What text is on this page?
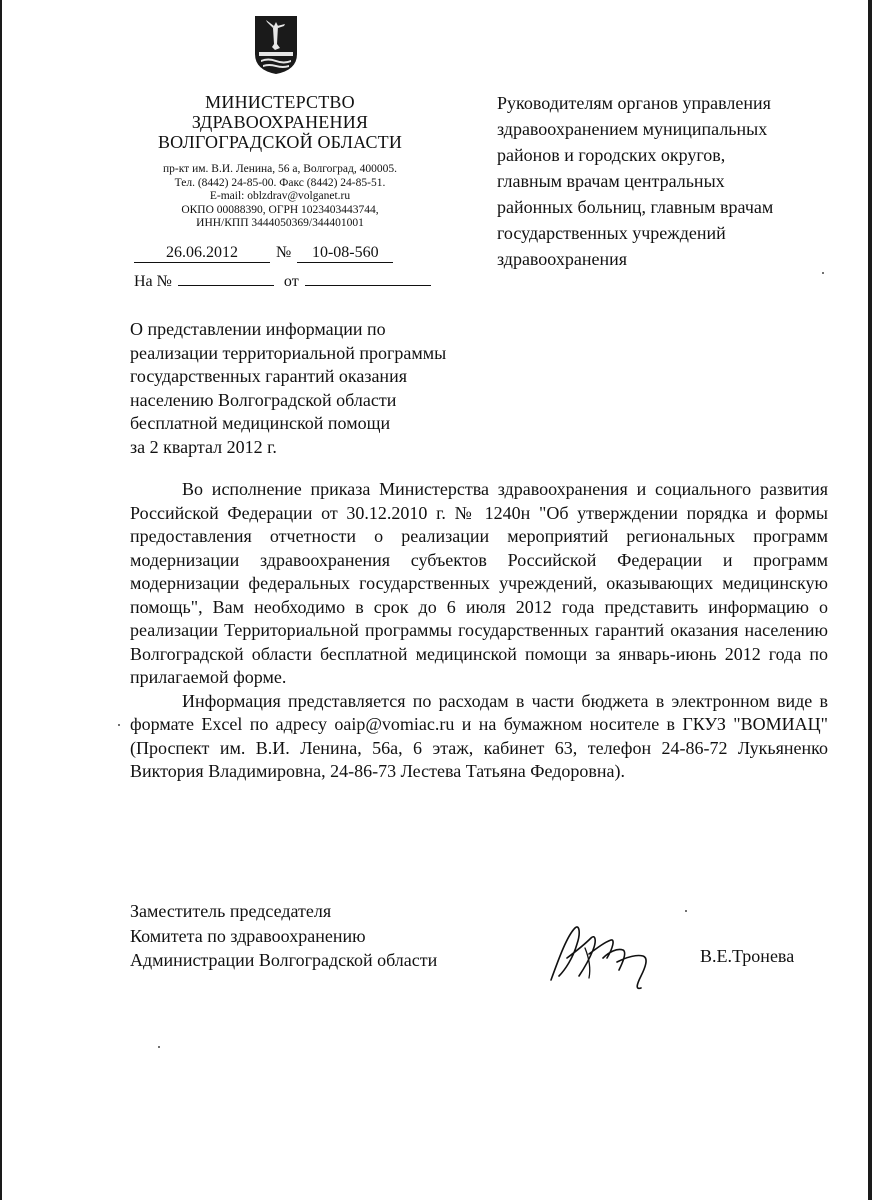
МИНИСТЕРСТВО
ЗДРАВООХРАНЕНИЯ
ВОЛГОГРАДСКОЙ ОБЛАСТИ
пр-кт им. В.И. Ленина, 56 а, Волгоград, 400005.
Тел. (8442) 24-85-00. Факс (8442) 24-85-51.
E-mail: oblzdrav@volganet.ru
ОКПО 00088390, ОГРН 1023403443744,
ИНН/КПП 3444050369/344401001
26.06.2012 № 10-08-560
На №	от
Руководителям органов управления
здравоохранением муниципальных
районов и городских округов,
главным врачам центральных
районных больниц, главным врачам
государственных учреждений
здравоохранения
О представлении информации по
реализации территориальной программы
государственных гарантий оказания
населению Волгоградской области
бесплатной медицинской помощи
за 2 квартал 2012 г.

Во исполнение приказа Министерства здравоохранения и социального развития Российской Федерации от 30.12.2010 г. № 1240н "Об утверждении порядка и формы предоставления отчетности о реализации мероприятий региональных программ модернизации здравоохранения субъектов Российской Федерации и программ модернизации федеральных государственных учреждений, оказывающих медицинскую помощь", Вам необходимо в срок до 6 июля 2012 года представить информацию о реализации Территориальной программы государственных гарантий оказания населению Волгоградской области бесплатной медицинской помощи за январь-июнь 2012 года по прилагаемой форме.

Информация представляется по расходам в части бюджета в электронном виде в формате Excel по адресу oaip@vomiac.ru и на бумажном носителе в ГКУЗ "ВОМИАЦ" (Проспект им. В.И. Ленина, 56а, 6 этаж, кабинет 63, телефон 24-86-72 Лукьяненко Виктория Владимировна, 24-86-73 Лестева Татьяна Федоровна).

Заместитель председателя
Комитета по здравоохранению
Администрации Волгоградской области	В.Е.Тронева
